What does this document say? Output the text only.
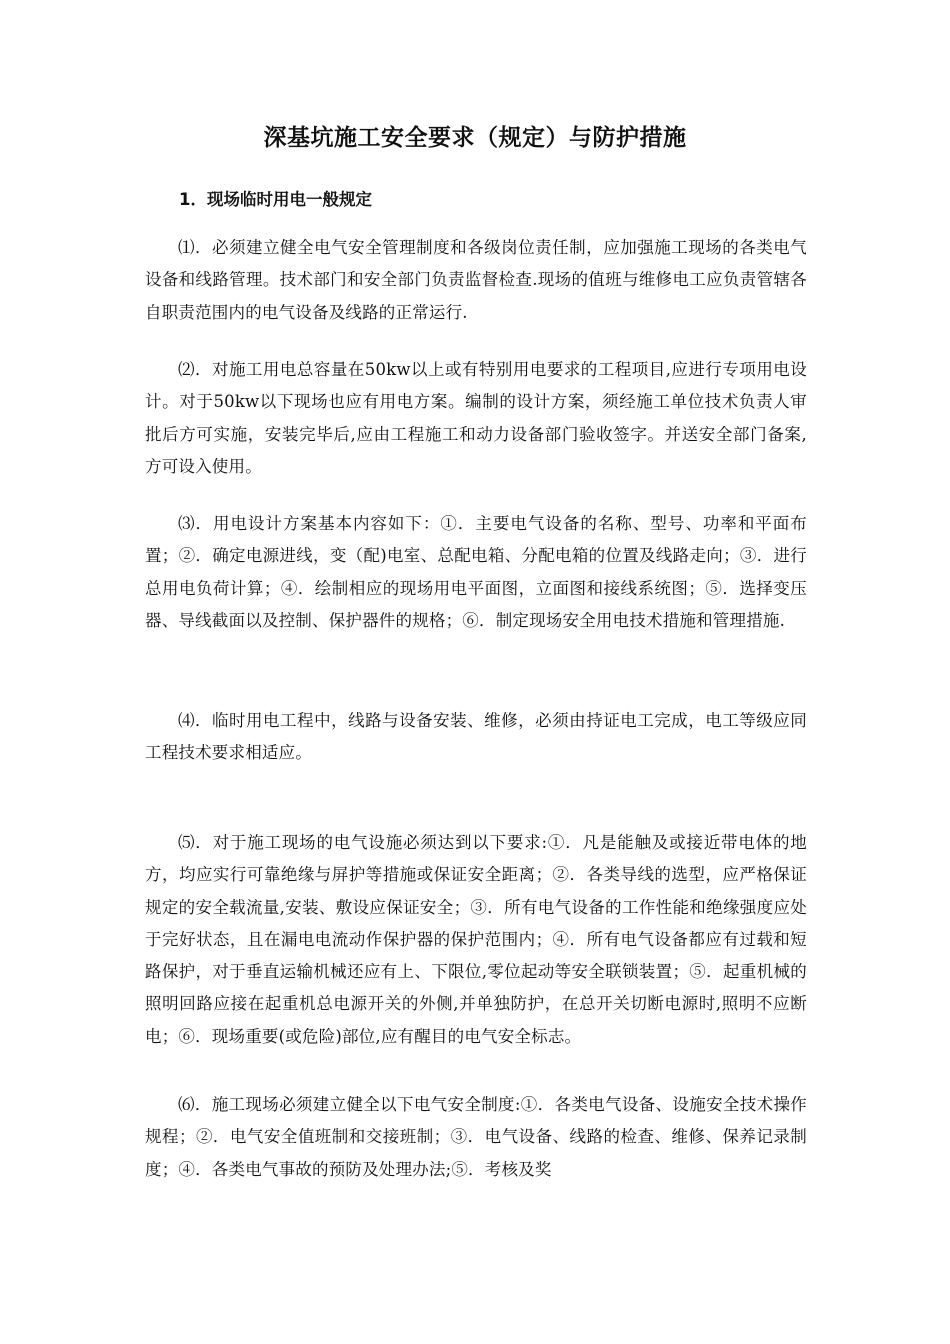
深基坑施工安全要求（规定）与防护措施
1．现场临时用电一般规定

⑴．必须建立健全电气安全管理制度和各级岗位责任制，应加强施工现场的各类电气设备和线路管理。技术部门和安全部门负责监督检查.现场的值班与维修电工应负责管辖各自职责范围内的电气设备及线路的正常运行.

⑵．对施工用电总容量在50kw以上或有特别用电要求的工程项目,应进行专项用电设计。对于50kw以下现场也应有用电方案。编制的设计方案，须经施工单位技术负责人审批后方可实施，安装完毕后,应由工程施工和动力设备部门验收签字。并送安全部门备案,方可设入使用。

⑶．用电设计方案基本内容如下：①．主要电气设备的名称、型号、功率和平面布置；②．确定电源进线，变（配)电室、总配电箱、分配电箱的位置及线路走向；③．进行总用电负荷计算；④．绘制相应的现场用电平面图，立面图和接线系统图；⑤．选择变压器、导线截面以及控制、保护器件的规格；⑥．制定现场安全用电技术措施和管理措施.

⑷．临时用电工程中，线路与设备安装、维修，必须由持证电工完成，电工等级应同工程技术要求相适应。

⑸．对于施工现场的电气设施必须达到以下要求:①．凡是能触及或接近带电体的地方，均应实行可靠绝缘与屏护等措施或保证安全距离；②．各类导线的选型，应严格保证规定的安全载流量,安装、敷设应保证安全；③．所有电气设备的工作性能和绝缘强度应处于完好状态，且在漏电电流动作保护器的保护范围内；④．所有电气设备都应有过载和短路保护，对于垂直运输机械还应有上、下限位,零位起动等安全联锁装置；⑤．起重机械的照明回路应接在起重机总电源开关的外侧,并单独防护，在总开关切断电源时,照明不应断电；⑥．现场重要(或危险)部位,应有醒目的电气安全标志。

⑹．施工现场必须建立健全以下电气安全制度:①．各类电气设备、设施安全技术操作规程；②．电气安全值班制和交接班制；③．电气设备、线路的检查、维修、保养记录制度；④．各类电气事故的预防及处理办法;⑤．考核及奖
